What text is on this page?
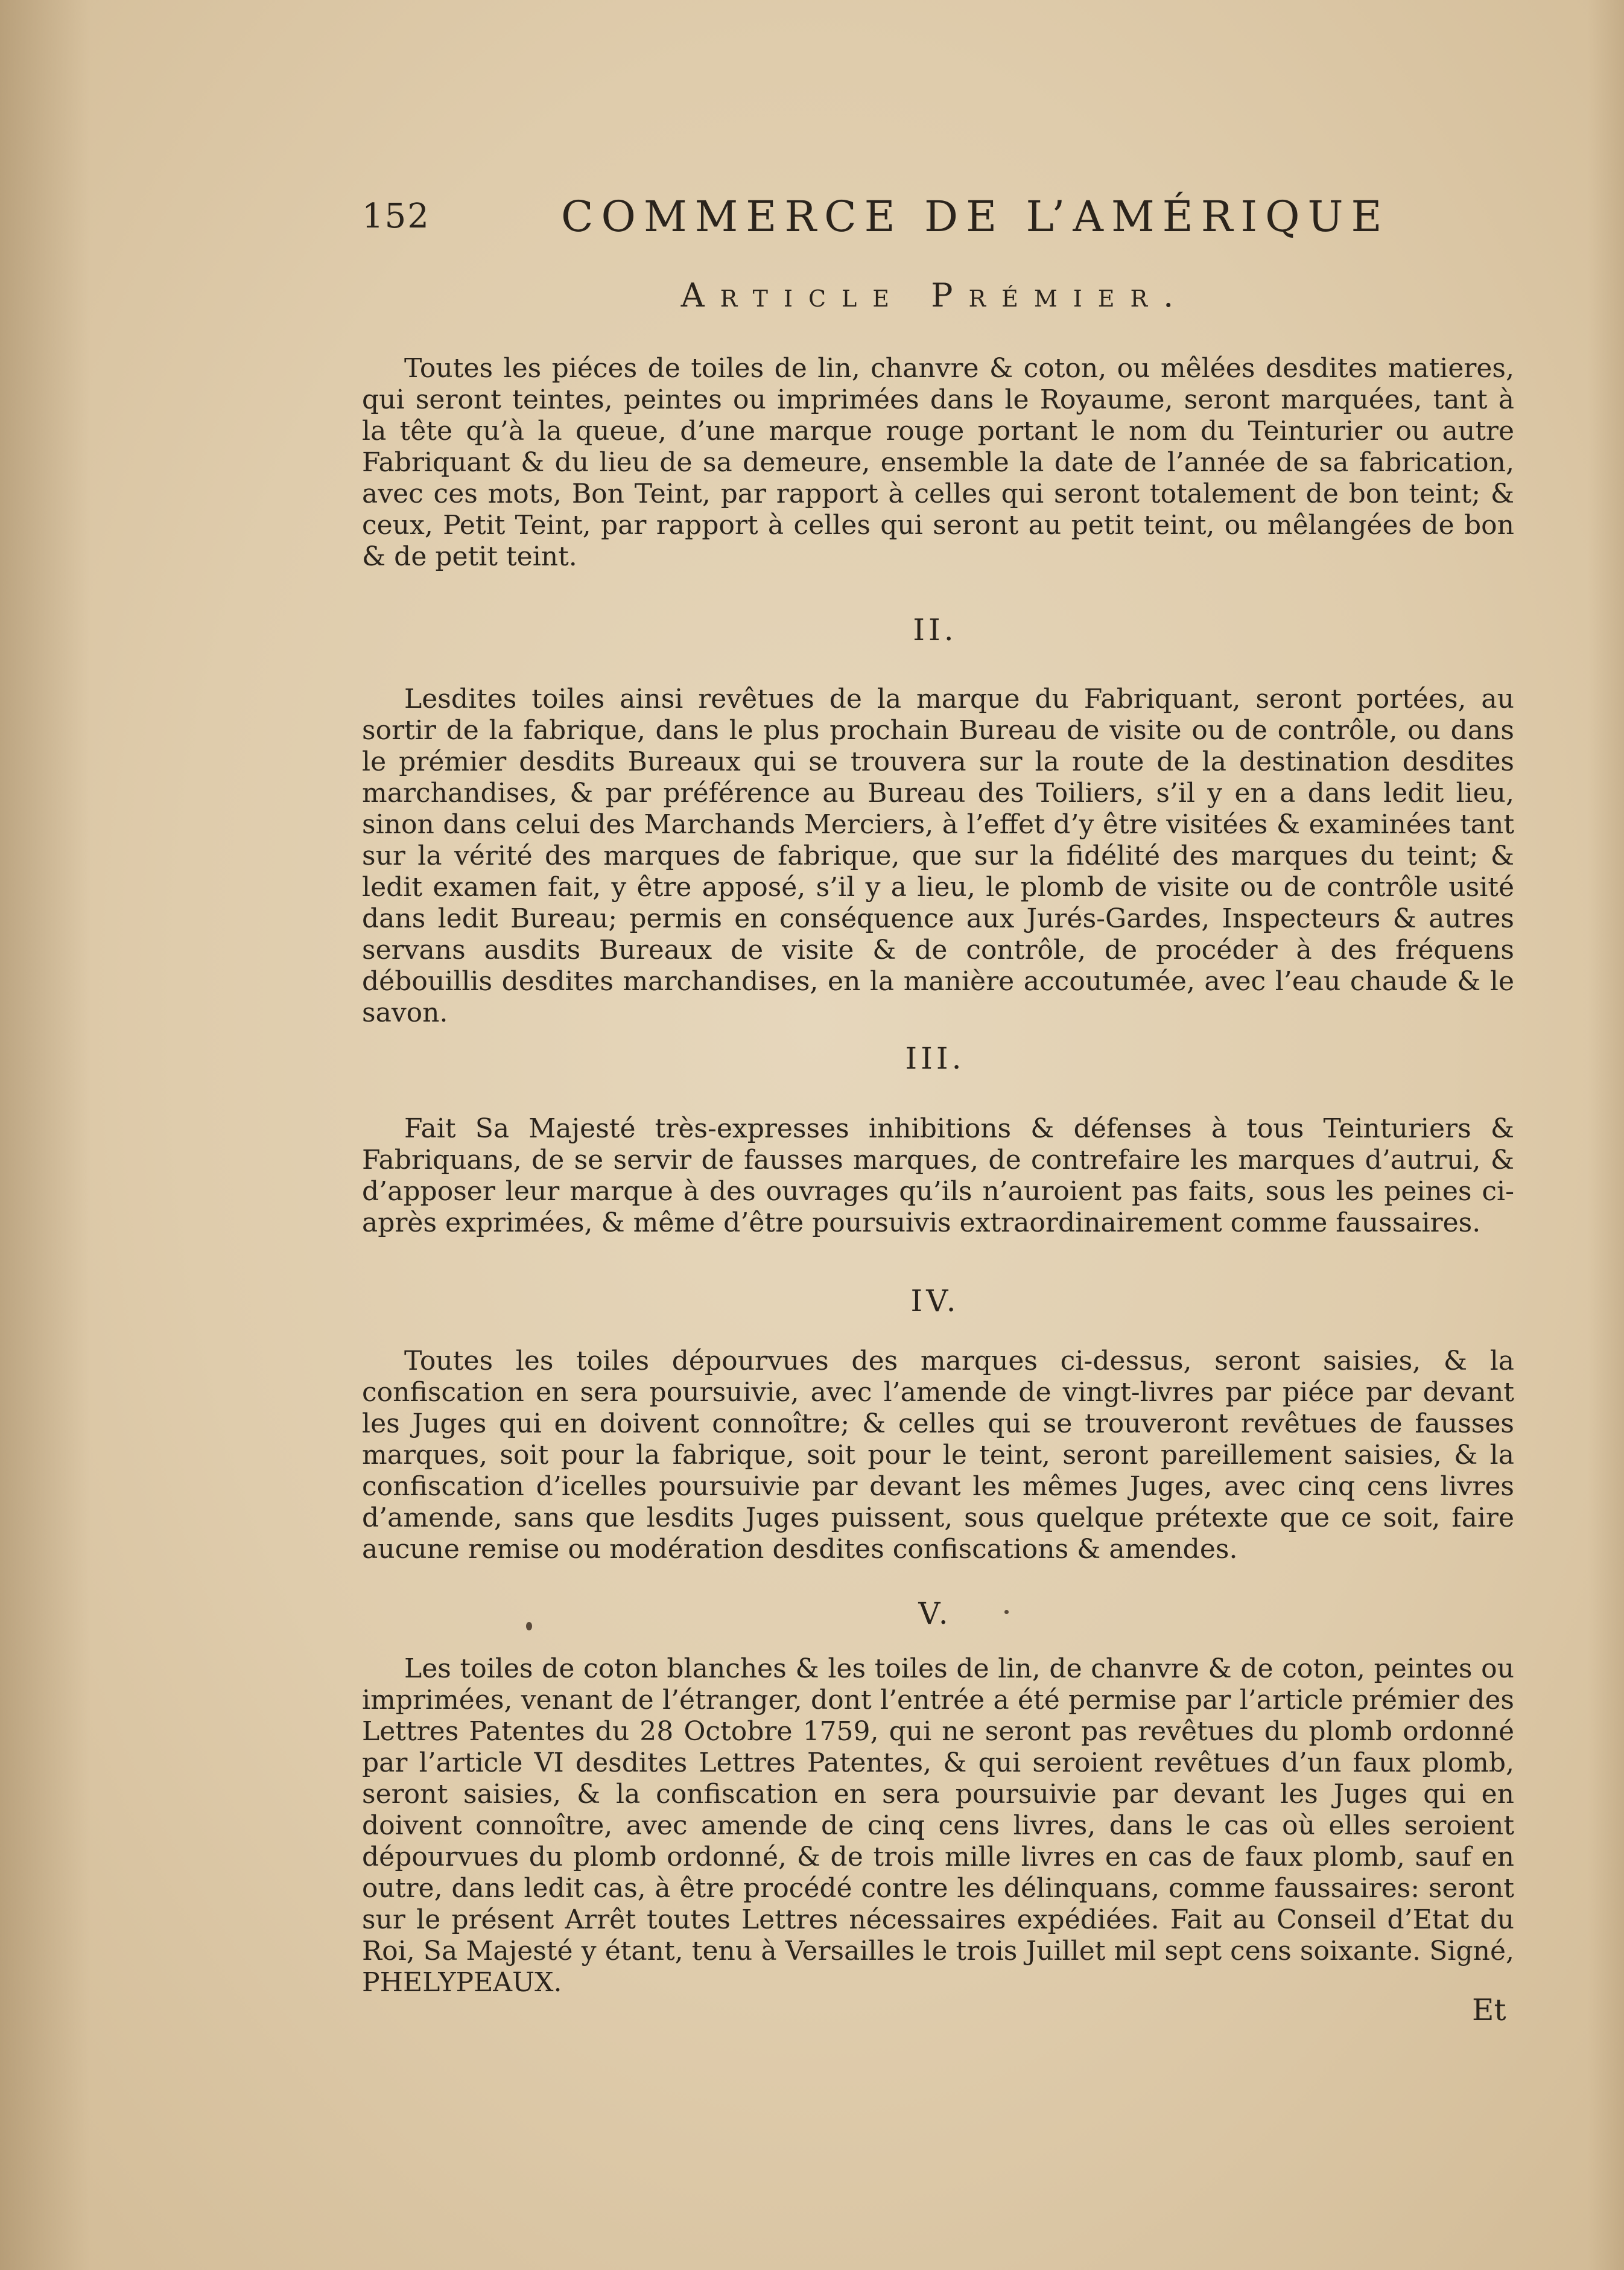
152	COMMERCE DE L’AMÉRIQUE
Article Prémier.

Toutes les piéces de toiles de lin, chanvre & coton, ou mêlées desdites matieres, qui seront teintes, peintes ou imprimées dans le Royaume, seront marquées, tant à la tête qu’à la queue, d’une marque rouge portant le nom du Teinturier ou autre Fabriquant & du lieu de sa demeure, ensemble la date de l’année de sa fabrication, avec ces mots, Bon Teint, par rapport à celles qui seront totalement de bon teint; & ceux, Petit Teint, par rapport à celles qui seront au petit teint, ou mêlangées de bon & de petit teint.

II.

Lesdites toiles ainsi revêtues de la marque du Fabriquant, seront portées, au sortir de la fabrique, dans le plus prochain Bureau de visite ou de contrôle, ou dans le prémier desdits Bureaux qui se trouvera sur la route de la destination desdites marchandises, & par préférence au Bureau des Toiliers, s’il y en a dans ledit lieu, sinon dans celui des Marchands Merciers, à l’effet d’y être visitées & examinées tant sur la vérité des marques de fabrique, que sur la fidélité des marques du teint; & ledit examen fait, y être apposé, s’il y a lieu, le plomb de visite ou de contrôle usité dans ledit Bureau; permis en conséquence aux Jurés-Gardes, Inspecteurs & autres servans ausdits Bureaux de visite & de contrôle, de procéder à des fréquens débouillis desdites marchandises, en la manière accoutumée, avec l’eau chaude & le savon.

III.

Fait Sa Majesté très-expresses inhibitions & défenses à tous Teinturiers & Fabriquans, de se servir de fausses marques, de contrefaire les marques d’autrui, & d’apposer leur marque à des ouvrages qu’ils n’auroient pas faits, sous les peines ci-après exprimées, & même d’être poursuivis extraordinairement comme faussaires.

IV.

Toutes les toiles dépourvues des marques ci-dessus, seront saisies, & la confiscation en sera poursuivie, avec l’amende de vingt-livres par piéce par devant les Juges qui en doivent connoître; & celles qui se trouveront revêtues de fausses marques, soit pour la fabrique, soit pour le teint, seront pareillement saisies, & la confiscation d’icelles poursuivie par devant les mêmes Juges, avec cinq cens livres d’amende, sans que lesdits Juges puissent, sous quelque prétexte que ce soit, faire aucune remise ou modération desdites confiscations & amendes.

V.

Les toiles de coton blanches & les toiles de lin, de chanvre & de coton, peintes ou imprimées, venant de l’étranger, dont l’entrée a été permise par l’article prémier des Lettres Patentes du 28 Octobre 1759, qui ne seront pas revêtues du plomb ordonné par l’article VI desdites Lettres Patentes, & qui seroient revêtues d’un faux plomb, seront saisies, & la confiscation en sera poursuivie par devant les Juges qui en doivent connoître, avec amende de cinq cens livres, dans le cas où elles seroient dépourvues du plomb ordonné, & de trois mille livres en cas de faux plomb, sauf en outre, dans ledit cas, à être procédé contre les délinquans, comme faussaires: seront sur le présent Arrêt toutes Lettres nécessaires expédiées. Fait au Conseil d’Etat du Roi, Sa Majesté y étant, tenu à Versailles le trois Juillet mil sept cens soixante. Signé, PHELYPEAUX.

Et
